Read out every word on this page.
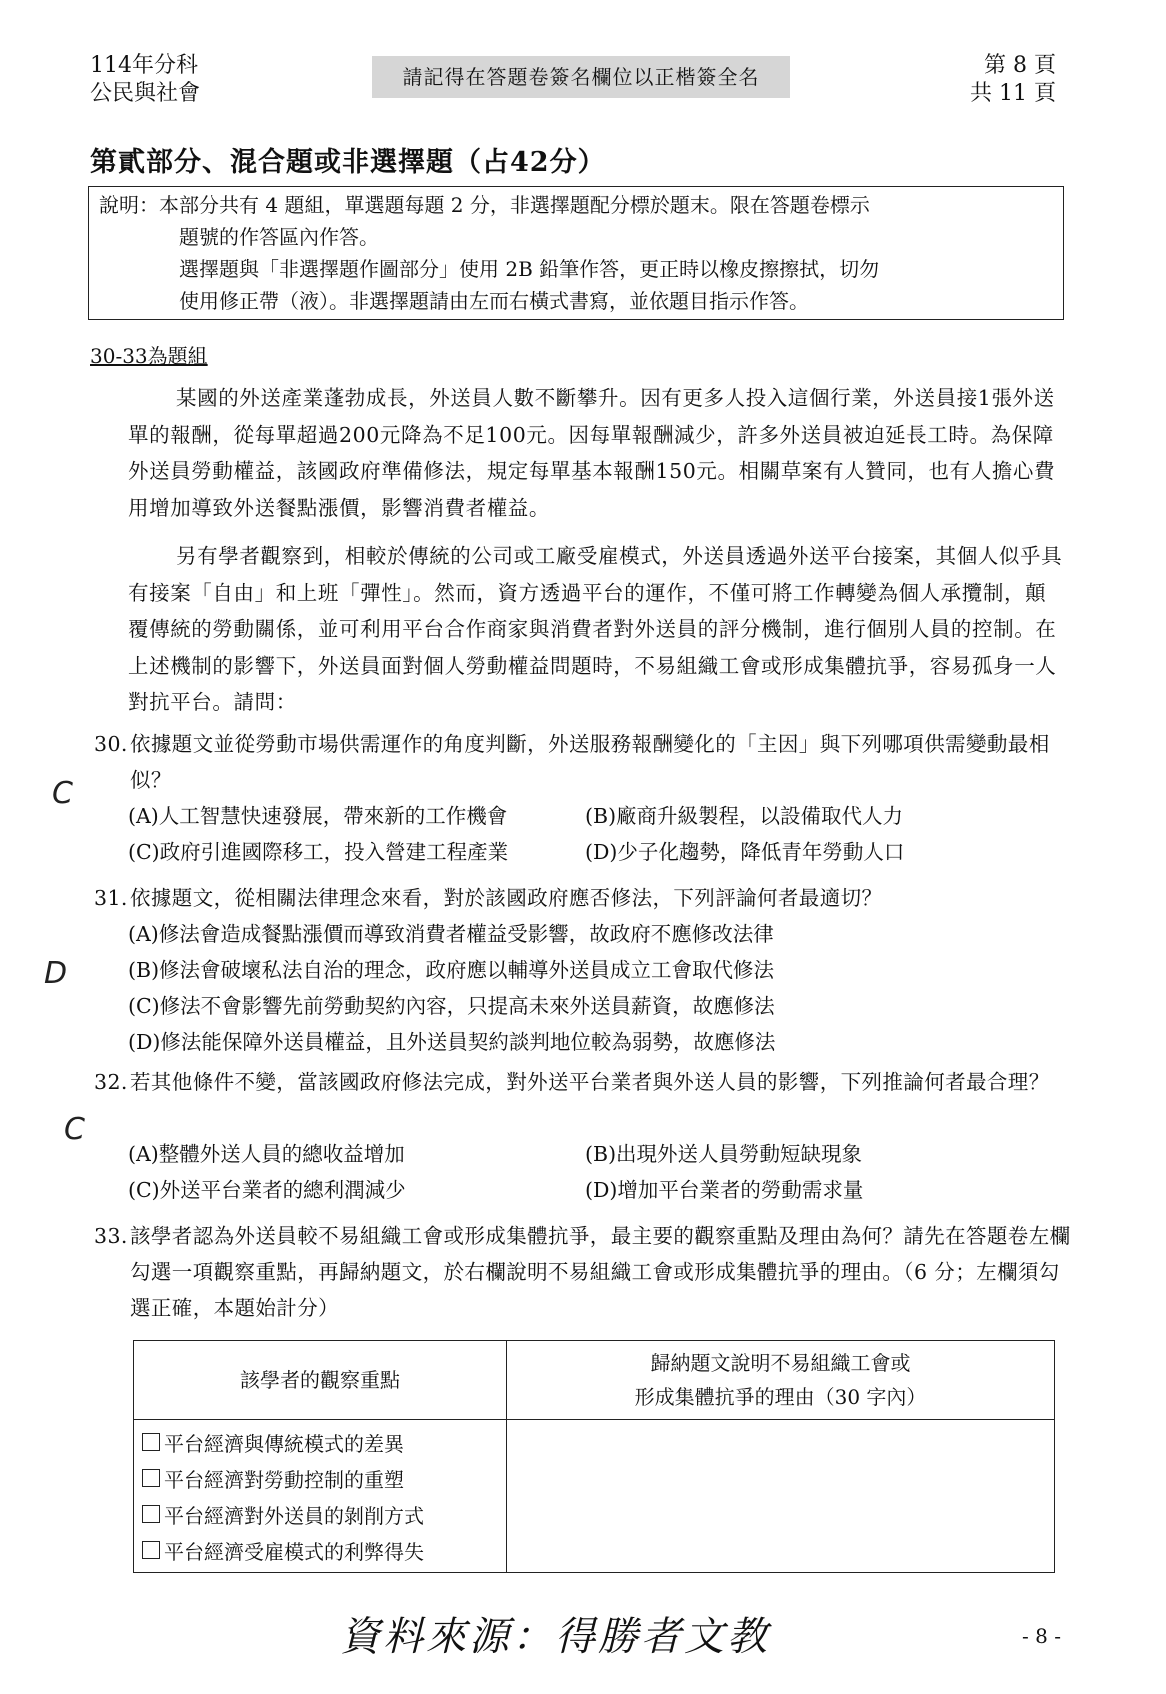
114年分科
公民與社會
請記得在答題卷簽名欄位以正楷簽全名	第 8 頁
共 11 頁
第貳部分、混合題或非選擇題（占42分）
說明：本部分共有 4 題組，單選題每題 2 分，非選擇題配分標於題末。限在答題卷標示
題號的作答區內作答。
選擇題與「非選擇題作圖部分」使用 2B 鉛筆作答，更正時以橡皮擦擦拭，切勿
使用修正帶（液）。非選擇題請由左而右橫式書寫，並依題目指示作答。
30-33為題組
某國的外送產業蓬勃成長，外送員人數不斷攀升。因有更多人投入這個行業，外送員接1張外送單的報酬，從每單超過200元降為不足100元。因每單報酬減少，許多外送員被迫延長工時。為保障外送員勞動權益，該國政府準備修法，規定每單基本報酬150元。相關草案有人贊同，也有人擔心費用增加導致外送餐點漲價，影響消費者權益。
另有學者觀察到，相較於傳統的公司或工廠受雇模式，外送員透過外送平台接案，其個人似乎具有接案「自由」和上班「彈性」。然而，資方透過平台的運作，不僅可將工作轉變為個人承攬制，顛覆傳統的勞動關係，並可利用平台合作商家與消費者對外送員的評分機制，進行個別人員的控制。在上述機制的影響下，外送員面對個人勞動權益問題時，不易組織工會或形成集體抗爭，容易孤身一人對抗平台。請問：
30. 依據題文並從勞動市場供需運作的角度判斷，外送服務報酬變化的「主因」與下列哪項供需變動最相似？
(A)人工智慧快速發展，帶來新的工作機會	(B)廠商升級製程，以設備取代人力
(C)政府引進國際移工，投入營建工程產業	(D)少子化趨勢，降低青年勞動人口
C
31. 依據題文，從相關法律理念來看，對於該國政府應否修法，下列評論何者最適切？
(A)修法會造成餐點漲價而導致消費者權益受影響，故政府不應修改法律
(B)修法會破壞私法自治的理念，政府應以輔導外送員成立工會取代修法
(C)修法不會影響先前勞動契約內容，只提高未來外送員薪資，故應修法
(D)修法能保障外送員權益，且外送員契約談判地位較為弱勢，故應修法
D
32. 若其他條件不變，當該國政府修法完成，對外送平台業者與外送人員的影響，下列推論何者最合理？
(A)整體外送人員的總收益增加	(B)出現外送人員勞動短缺現象
(C)外送平台業者的總利潤減少	(D)增加平台業者的勞動需求量
C
33. 該學者認為外送員較不易組織工會或形成集體抗爭，最主要的觀察重點及理由為何？請先在答題卷左欄勾選一項觀察重點，再歸納題文，於右欄說明不易組織工會或形成集體抗爭的理由。（6 分；左欄須勾選正確，本題始計分）
該學者的觀察重點	歸納題文說明不易組織工會或
形成集體抗爭的理由（30 字內）

平台經濟與傳統模式的差異
平台經濟對勞動控制的重塑
平台經濟對外送員的剝削方式
平台經濟受雇模式的利弊得失	

資料來源：得勝者文教	- 8 -
